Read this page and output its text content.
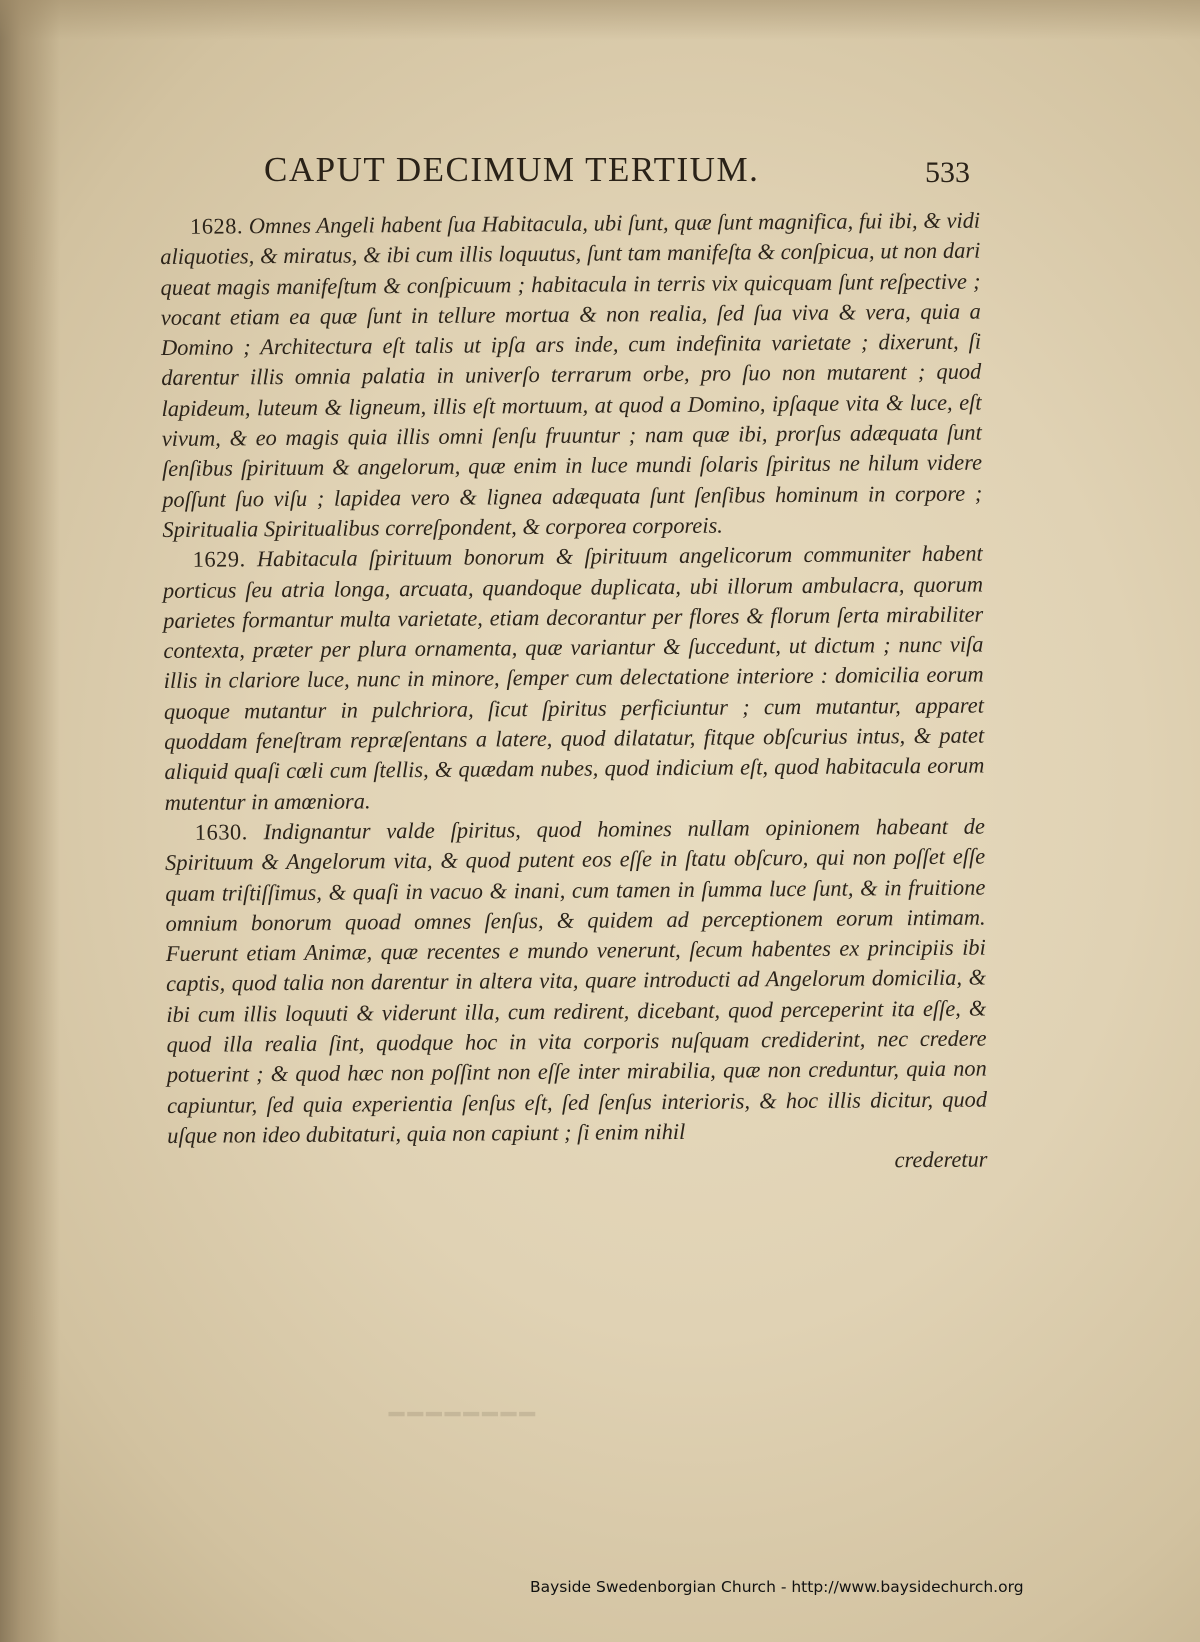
CAPUT DECIMUM TERTIUM.	533

1628. Omnes Angeli habent ſua Habitacula, ubi ſunt, quæ ſunt magnifica, fui ibi, & vidi aliquoties, & miratus, & ibi cum illis loquutus, ſunt tam manifeſta & conſpicua, ut non dari queat magis manifeſtum & conſpicuum ; habitacula in terris vix quicquam ſunt reſpective ; vocant etiam ea quæ ſunt in tellure mortua & non realia, ſed ſua viva & vera, quia a Domino ; Architectura eſt talis ut ipſa ars inde, cum indefinita varietate ; dixerunt, ſi darentur illis omnia palatia in univerſo terrarum orbe, pro ſuo non mutarent ; quod lapideum, luteum & ligneum, illis eſt mortuum, at quod a Domino, ipſaque vita & luce, eſt vivum, & eo magis quia illis omni ſenſu fruuntur ; nam quæ ibi, prorſus adæquata ſunt ſenſibus ſpirituum & angelorum, quæ enim in luce mundi ſolaris ſpiritus ne hilum videre poſſunt ſuo viſu ; lapidea vero & lignea adæquata ſunt ſenſibus hominum in corpore ; Spiritualia Spiritualibus correſpondent, & corporea corporeis.

1629. Habitacula ſpirituum bonorum & ſpirituum angelicorum communiter habent porticus ſeu atria longa, arcuata, quandoque duplicata, ubi illorum ambulacra, quorum parietes formantur multa varietate, etiam decorantur per flores & florum ſerta mirabiliter contexta, præter per plura ornamenta, quæ variantur & ſuccedunt, ut dictum ; nunc viſa illis in clariore luce, nunc in minore, ſemper cum delectatione interiore : domicilia eorum quoque mutantur in pulchriora, ſicut ſpiritus perficiuntur ; cum mutantur, apparet quoddam feneſtram repræſentans a latere, quod dilatatur, fitque obſcurius intus, & patet aliquid quaſi cœli cum ſtellis, & quædam nubes, quod indicium eſt, quod habitacula eorum mutentur in amœniora.

1630. Indignantur valde ſpiritus, quod homines nullam opinionem habeant de Spirituum & Angelorum vita, & quod putent eos eſſe in ſtatu obſcuro, qui non poſſet eſſe quam triſtiſſimus, & quaſi in vacuo & inani, cum tamen in ſumma luce ſunt, & in fruitione omnium bonorum quoad omnes ſenſus, & quidem ad perceptionem eorum intimam. Fuerunt etiam Animæ, quæ recentes e mundo venerunt, ſecum habentes ex principiis ibi captis, quod talia non darentur in altera vita, quare introducti ad Angelorum domicilia, & ibi cum illis loquuti & viderunt illa, cum redirent, dicebant, quod perceperint ita eſſe, & quod illa realia ſint, quodque hoc in vita corporis nuſquam crediderint, nec credere potuerint ; & quod hæc non poſſint non eſſe inter mirabilia, quæ non creduntur, quia non capiuntur, ſed quia experientia ſenſus eſt, ſed ſenſus interioris, & hoc illis dicitur, quod uſque non ideo dubitaturi, quia non capiunt ; ſi enim nihil

crederetur

━━━━━━━━
Bayside Swedenborgian Church - http://www.baysidechurch.org
